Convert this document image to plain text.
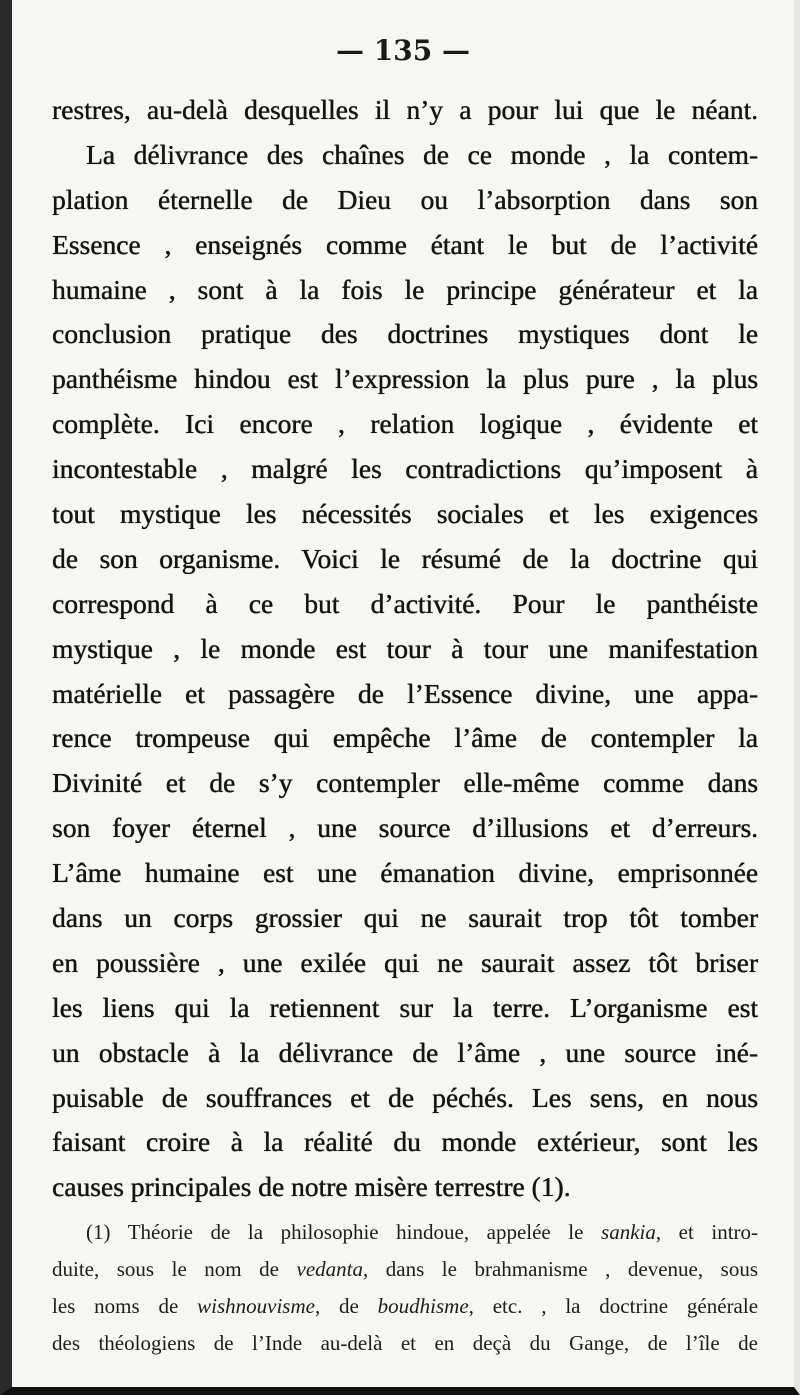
— 135 —
restres, au-delà desquelles il n’y a pour lui que le néant.
La délivrance des chaînes de ce monde , la contem-
plation éternelle de Dieu ou l’absorption dans son
Essence , enseignés comme étant le but de l’activité
humaine , sont à la fois le principe générateur et la
conclusion pratique des doctrines mystiques dont le
panthéisme hindou est l’expression la plus pure , la plus
complète. Ici encore , relation logique , évidente et
incontestable , malgré les contradictions qu’imposent à
tout mystique les nécessités sociales et les exigences
de son organisme. Voici le résumé de la doctrine qui
correspond à ce but d’activité. Pour le panthéiste
mystique , le monde est tour à tour une manifestation
matérielle et passagère de l’Essence divine, une appa-
rence trompeuse qui empêche l’âme de contempler la
Divinité et de s’y contempler elle-même comme dans
son foyer éternel , une source d’illusions et d’erreurs.
L’âme humaine est une émanation divine, emprisonnée
dans un corps grossier qui ne saurait trop tôt tomber
en poussière , une exilée qui ne saurait assez tôt briser
les liens qui la retiennent sur la terre. L’organisme est
un obstacle à la délivrance de l’âme , une source iné-
puisable de souffrances et de péchés. Les sens, en nous
faisant croire à la réalité du monde extérieur, sont les
causes principales de notre misère terrestre (1).
(1) Théorie de la philosophie hindoue, appelée le sankia, et intro-
duite, sous le nom de vedanta, dans le brahmanisme , devenue, sous
les noms de wishnouvisme, de boudhisme, etc. , la doctrine générale
des théologiens de l’Inde au-delà et en deçà du Gange, de l’île de
